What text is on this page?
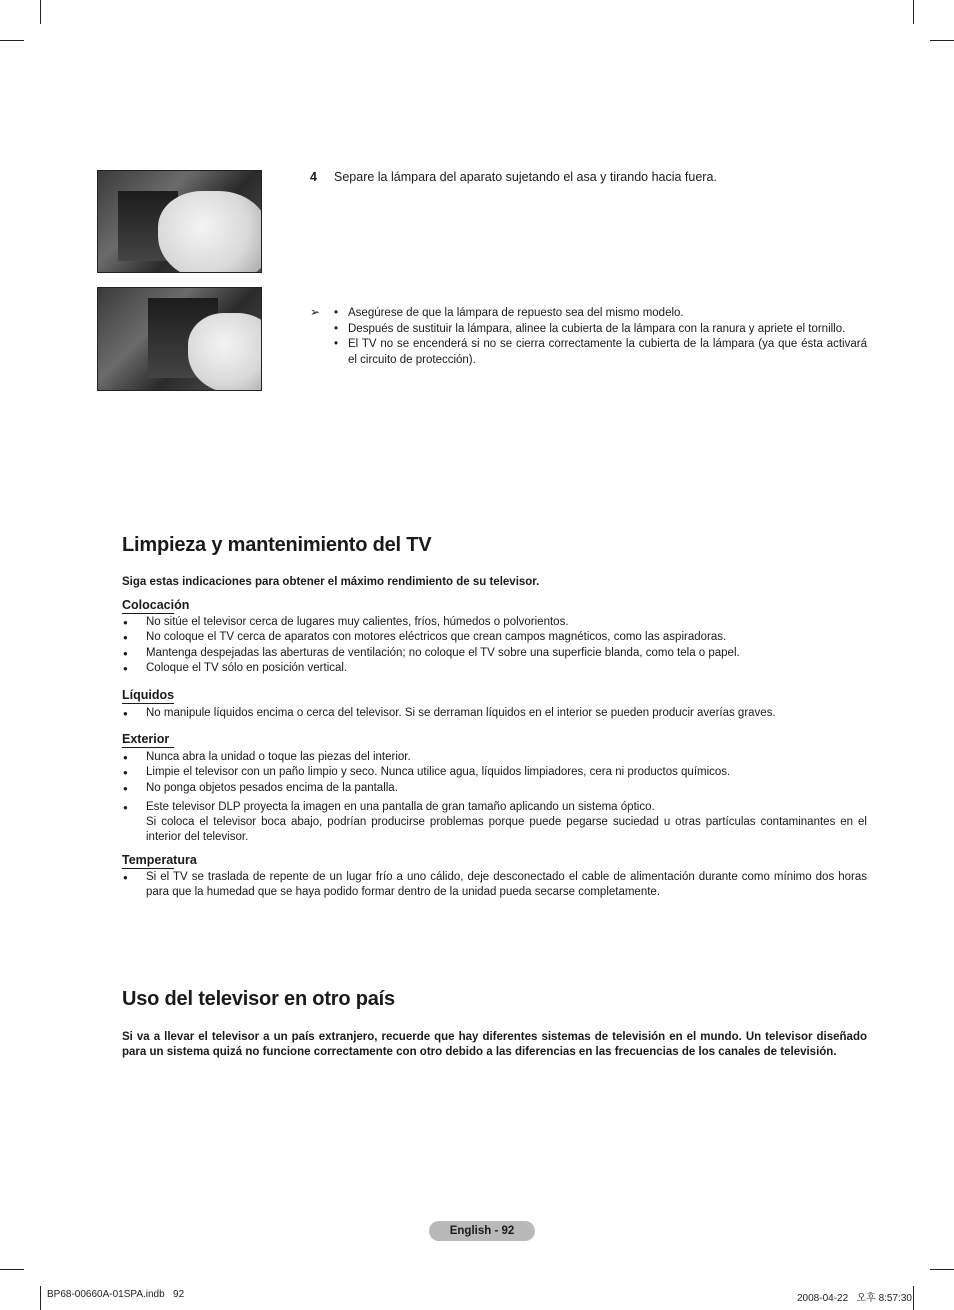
4 Separe la lámpara del aparato sujetando el asa y tirando hacia fuera.
➢
• Asegúrese de que la lámpara de repuesto sea del mismo modelo.
• Después de sustituir la lámpara, alinee la cubierta de la lámpara con la ranura y apriete el tornillo.
• El TV no se encenderá si no se cierra correctamente la cubierta de la lámpara (ya que ésta activará el circuito de protección).
Limpieza y mantenimiento del TV
Siga estas indicaciones para obtener el máximo rendimiento de su televisor.
Colocación
● No sitúe el televisor cerca de lugares muy calientes, fríos, húmedos o polvorientos.
● No coloque el TV cerca de aparatos con motores eléctricos que crean campos magnéticos, como las aspiradoras.
● Mantenga despejadas las aberturas de ventilación; no coloque el TV sobre una superficie blanda, como tela o papel.
● Coloque el TV sólo en posición vertical.
Líquidos
● No manipule líquidos encima o cerca del televisor. Si se derraman líquidos en el interior se pueden producir averías graves.
Exterior
● Nunca abra la unidad o toque las piezas del interior.
● Limpie el televisor con un paño limpio y seco. Nunca utilice agua, líquidos limpiadores, cera ni productos químicos.
● No ponga objetos pesados encima de la pantalla.
● Este televisor DLP proyecta la imagen en una pantalla de gran tamaño aplicando un sistema óptico.
Si coloca el televisor boca abajo, podrían producirse problemas porque puede pegarse suciedad u otras partículas contaminantes en el interior del televisor.
Temperatura
● Si el TV se traslada de repente de un lugar frío a uno cálido, deje desconectado el cable de alimentación durante como mínimo dos horas para que la humedad que se haya podido formar dentro de la unidad pueda secarse completamente.
Uso del televisor en otro país
Si va a llevar el televisor a un país extranjero, recuerde que hay diferentes sistemas de televisión en el mundo. Un televisor diseñado para un sistema quizá no funcione correctamente con otro debido a las diferencias en las frecuencias de los canales de televisión.
English - 92
BP68-00660A-01SPA.indb   92	2008-04-22   오후 8:57:30
